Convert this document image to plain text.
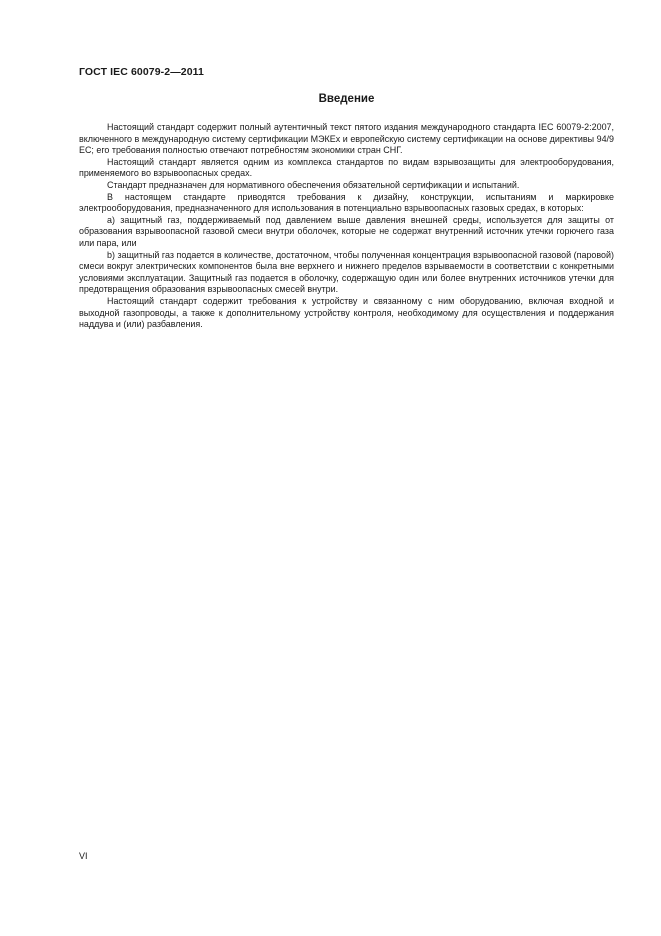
ГОСТ IEC 60079-2—2011
Введение

Настоящий стандарт содержит полный аутентичный текст пятого издания международного стандарта IEC 60079-2:2007, включенного в международную систему сертификации МЭКЕх и европейскую систему сертификации на основе директивы 94/9 ЕС; его требования полностью отвечают потребностям экономики стран СНГ.

Настоящий стандарт является одним из комплекса стандартов по видам взрывозащиты для электрооборудования, применяемого во взрывоопасных средах.

Стандарт предназначен для нормативного обеспечения обязательной сертификации и испытаний.

В настоящем стандарте приводятся требования к дизайну, конструкции, испытаниям и маркировке электрооборудования, предназначенного для использования в потенциально взрывоопасных газовых средах, в которых:

a) защитный газ, поддерживаемый под давлением выше давления внешней среды, используется для защиты от образования взрывоопасной газовой смеси внутри оболочек, которые не содержат внутренний источник утечки горючего газа или пара, или

b) защитный газ подается в количестве, достаточном, чтобы полученная концентрация взрывоопасной газовой (паровой) смеси вокруг электрических компонентов была вне верхнего и нижнего пределов взрываемости в соответствии с конкретными условиями эксплуатации. Защитный газ подается в оболочку, содержащую один или более внутренних источников утечки для предотвращения образования взрывоопасных смесей внутри.

Настоящий стандарт содержит требования к устройству и связанному с ним оборудованию, включая входной и выходной газопроводы, а также к дополнительному устройству контроля, необходимому для осуществления и поддержания наддува и (или) разбавления.

VI
